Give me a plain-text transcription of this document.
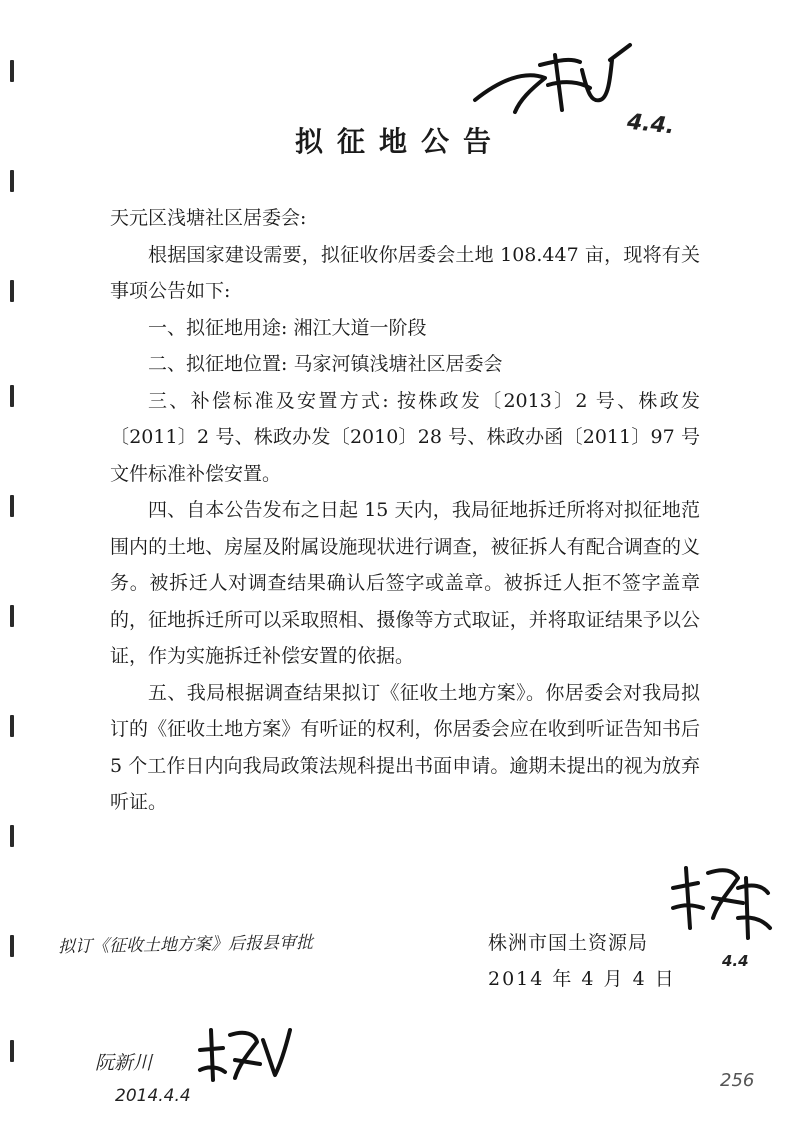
4.4.
拟征地公告

天元区浅塘社区居委会:

根据国家建设需要，拟征收你居委会土地 108.447 亩，现将有关事项公告如下:

一、拟征地用途: 湘江大道一阶段

二、拟征地位置: 马家河镇浅塘社区居委会

三、补偿标准及安置方式: 按株政发〔2013〕2 号、株政发〔2011〕2 号、株政办发〔2010〕28 号、株政办函〔2011〕97 号文件标准补偿安置。

四、自本公告发布之日起 15 天内，我局征地拆迁所将对拟征地范围内的土地、房屋及附属设施现状进行调查，被征拆人有配合调查的义务。被拆迁人对调查结果确认后签字或盖章。被拆迁人拒不签字盖章的，征地拆迁所可以采取照相、摄像等方式取证，并将取证结果予以公证，作为实施拆迁补偿安置的依据。

五、我局根据调查结果拟订《征收土地方案》。你居委会对我局拟订的《征收土地方案》有听证的权利，你居委会应在收到听证告知书后 5 个工作日内向我局政策法规科提出书面申请。逾期未提出的视为放弃听证。

4.4
株洲市国土资源局
2014 年 4 月 4 日
拟订《征收土地方案》后报县审批
阮新川
2014.4.4
256
